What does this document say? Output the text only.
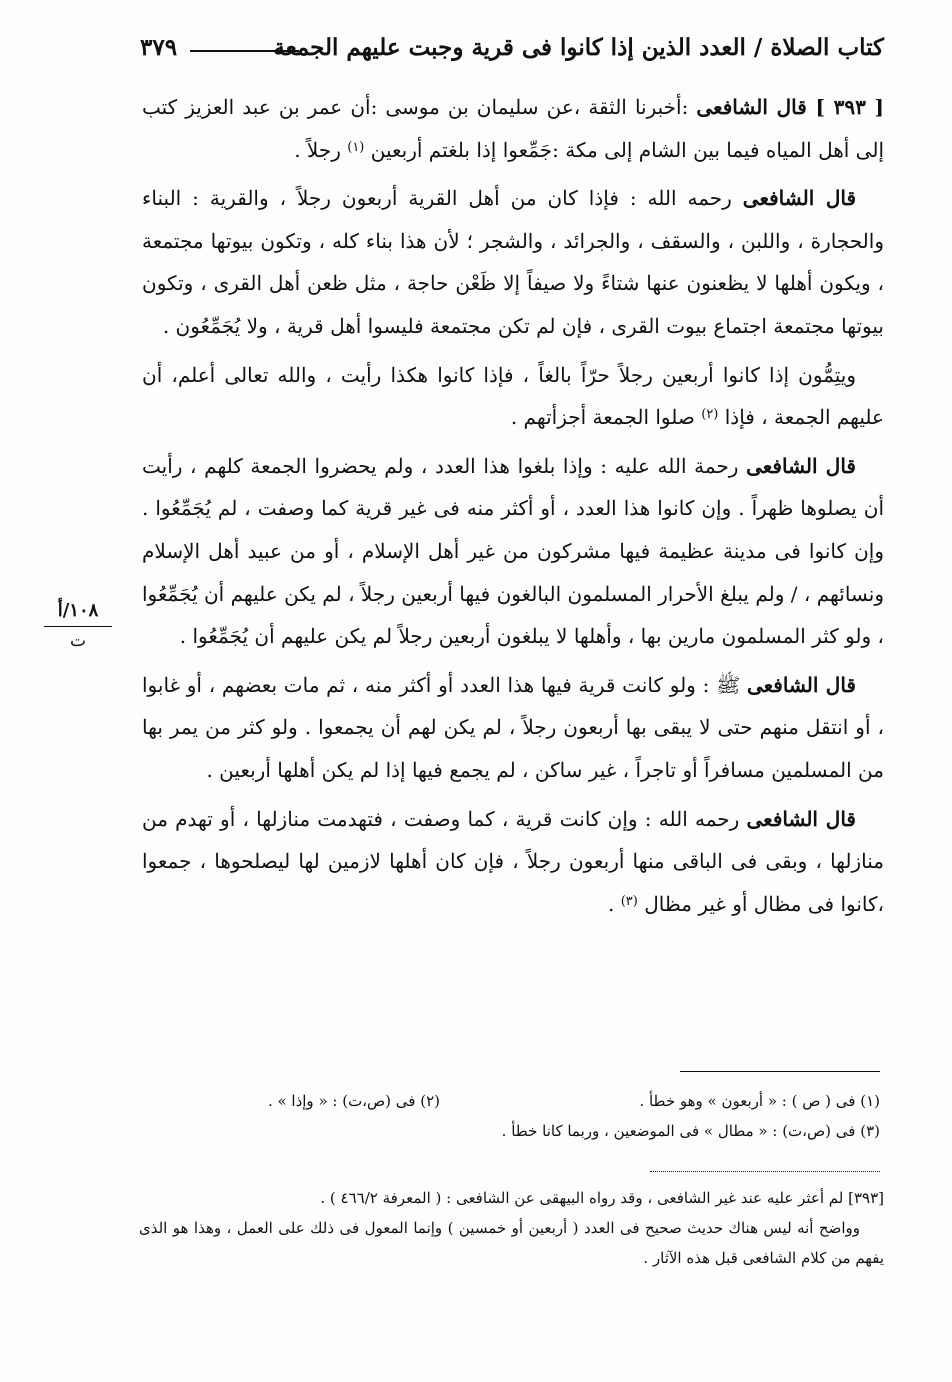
كتاب الصلاة / العدد الذين إذا كانوا فى قرية وجبت عليهم الجمعة
٣٧٩

[ ٣٩٣ ] قال الشافعى :أخبرنا الثقة ،عن سليمان بن موسى :أن عمر بن عبد العزيز كتب إلى أهل المياه فيما بين الشام إلى مكة :جَمِّعوا إذا بلغتم أربعين $^{(١)}$ رجلاً .

قال الشافعى رحمه الله : فإذا كان من أهل القرية أربعون رجلاً ، والقرية : البناء والحجارة ، واللبن ، والسقف ، والجرائد ، والشجر ؛ لأن هذا بناء كله ، وتكون بيوتها مجتمعة ، ويكون أهلها لا يظعنون عنها شتاءً ولا صيفاً إلا ظَعْن حاجة ، مثل ظعن أهل القرى ، وتكون بيوتها مجتمعة اجتماع بيوت القرى ، فإن لم تكن مجتمعة فليسوا أهل قرية ، ولا يُجَمِّعُون .

ويتِمُّون إذا كانوا أربعين رجلاً حرّاً بالغاً ، فإذا كانوا هكذا رأيت ، والله تعالى أعلم، أن عليهم الجمعة ، فإذا $^{(٢)}$ صلوا الجمعة أجزأتهم .

قال الشافعى رحمة الله عليه : وإذا بلغوا هذا العدد ، ولم يحضروا الجمعة كلهم ، رأيت أن يصلوها ظهراً . وإن كانوا هذا العدد ، أو أكثر منه فى غير قرية كما وصفت ، لم يُجَمِّعُوا . وإن كانوا فى مدينة عظيمة فيها مشركون من غير أهل الإسلام ، أو من عبيد أهل الإسلام ونسائهم ، / ولم يبلغ الأحرار المسلمون البالغون فيها أربعين رجلاً ، لم يكن عليهم أن يُجَمِّعُوا ، ولو كثر المسلمون مارين بها ، وأهلها لا يبلغون أربعين رجلاً لم يكن عليهم أن يُجَمِّعُوا .

قال الشافعى ﷺ : ولو كانت قرية فيها هذا العدد أو أكثر منه ، ثم مات بعضهم ، أو غابوا ، أو انتقل منهم حتى لا يبقى بها أربعون رجلاً ، لم يكن لهم أن يجمعوا . ولو كثر من يمر بها من المسلمين مسافراً أو تاجراً ، غير ساكن ، لم يجمع فيها إذا لم يكن أهلها أربعين .

قال الشافعى رحمه الله : وإن كانت قرية ، كما وصفت ، فتهدمت منازلها ، أو تهدم من منازلها ، وبقى فى الباقى منها أربعون رجلاً ، فإن كان أهلها لازمين لها ليصلحوها ، جمعوا ،كانوا فى مظال أو غير مظال $^{(٣)}$ .

١٠٨/أ
ت
(١) فى ( ص ) : « أربعون » وهو خطأ .
(٢) فى (ص،ت) : « وإذا » .
(٣) فى (ص،ت) : « مطال » فى الموضعين ، وربما كانا خطأ .

[٣٩٣] لم أعثر عليه عند غير الشافعى ، وقد رواه البيهقى عن الشافعى : ( المعرفة ٤٦٦/٢ ) .

وواضح أنه ليس هناك حديث صحيح فى العدد ( أربعين أو خمسين ) وإنما المعول فى ذلك على العمل ، وهذا هو الذى يفهم من كلام الشافعى قبل هذه الآثار .
